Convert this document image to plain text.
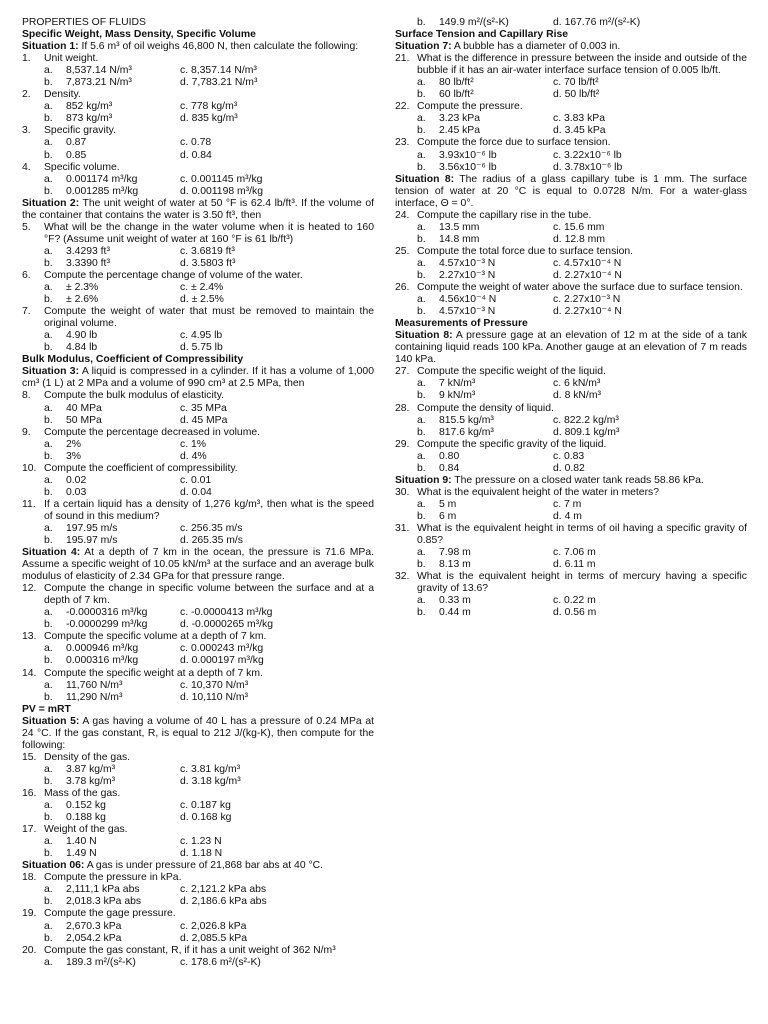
PROPERTIES OF FLUIDS
Specific Weight, Mass Density, Specific Volume
Situation 1: If 5.6 m³ of oil weighs 46,800 N, then calculate the following:
1.	Unit weight.
a.	8,537.14 N/m³	c. 8,357.14 N/m³
b.	7,873.21 N/m³	d. 7,783.21 N/m³
2.	Density.
a.	852 kg/m³	c. 778 kg/m³
b.	873 kg/m³	d. 835 kg/m³
3.	Specific gravity.
a.	0.87	c. 0.78
b.	0.85	d. 0.84
4.	Specific volume.
a.	0.001174 m³/kg	c. 0.001145 m³/kg
b.	0.001285 m³/kg	d. 0.001198 m³/kg
Situation 2: The unit weight of water at 50 °F is 62.4 lb/ft³. If the volume of the container that contains the water is 3.50 ft³, then
5.	What will be the change in the water volume when it is heated to 160 °F? (Assume unit weight of water at 160 °F is 61 lb/ft³)
a.	3.4293 ft³	c. 3.6819 ft³
b.	3.3390 ft³	d. 3.5803 ft³
6.	Compute the percentage change of volume of the water.
a.	± 2.3%	c. ± 2.4%
b.	± 2.6%	d. ± 2.5%
7.	Compute the weight of water that must be removed to maintain the original volume.
a.	4.90 lb	c. 4.95 lb
b.	4.84 lb	d. 5.75 lb
Bulk Modulus, Coefficient of Compressibility
Situation 3: A liquid is compressed in a cylinder. If it has a volume of 1,000 cm³ (1 L) at 2 MPa and a volume of 990 cm³ at 2.5 MPa, then
8.	Compute the bulk modulus of elasticity.
a.	40 MPa	c. 35 MPa
b.	50 MPa	d. 45 MPa
9.	Compute the percentage decreased in volume.
a.	2%	c. 1%
b.	3%	d. 4%
10. Compute the coefficient of compressibility.
a.	0.02	c. 0.01
b.	0.03	d. 0.04
11. If a certain liquid has a density of 1,276 kg/m³, then what is the speed of sound in this medium?
a.	197.95 m/s	c. 256.35 m/s
b.	195.97 m/s	d. 265.35 m/s
Situation 4: At a depth of 7 km in the ocean, the pressure is 71.6 MPa. Assume a specific weight of 10.05 kN/m³ at the surface and an average bulk modulus of elasticity of 2.34 GPa for that pressure range.
12. Compute the change in specific volume between the surface and at a depth of 7 km.
a.	-0.0000316 m³/kg	c. -0.0000413 m³/kg
b.	-0.0000299 m³/kg	d. -0.0000265 m³/kg
13. Compute the specific volume at a depth of 7 km.
a.	0.000946 m³/kg	c. 0.000243 m³/kg
b.	0.000316 m³/kg	d. 0.000197 m³/kg
14. Compute the specific weight at a depth of 7 km.
a.	11,760 N/m³	c. 10,370 N/m³
b.	11,290 N/m³	d. 10,110 N/m³
PV = mRT
Situation 5: A gas having a volume of 40 L has a pressure of 0.24 MPa at 24 °C. If the gas constant, R, is equal to 212 J/(kg-K), then compute for the following:
15. Density of the gas.
a.	3.87 kg/m³	c. 3.81 kg/m³
b.	3.78 kg/m³	d. 3.18 kg/m³
16. Mass of the gas.
a.	0.152 kg	c. 0.187 kg
b.	0.188 kg	d. 0.168 kg
17. Weight of the gas.
a.	1.40 N	c. 1.23 N
b.	1.49 N	d. 1.18 N
Situation 06: A gas is under pressure of 21,868 bar abs at 40 °C.
18. Compute the pressure in kPa.
a.	2,111,1 kPa abs	c. 2,121.2 kPa abs
b.	2,018.3 kPa abs	d. 2,186.6 kPa abs
19. Compute the gage pressure.
a.	2,670.3 kPa	c. 2,026.8 kPa
b.	2,054.2 kPa	d. 2,085.5 kPa
20. Compute the gas constant, R, if it has a unit weight of 362 N/m³
a.	189.3 m²/(s²-K)	c. 178.6 m²/(s²-K)
b.	149.9 m²/(s²-K)	d. 167.76 m²/(s²-K)
Surface Tension and Capillary Rise
Situation 7: A bubble has a diameter of 0.003 in.
21. What is the difference in pressure between the inside and outside of the bubble if it has an air-water interface surface tension of 0.005 lb/ft.
a.	80 lb/ft²	c. 70 lb/ft²
b.	60 lb/ft²	d. 50 lb/ft²
22. Compute the pressure.
a.	3.23 kPa	c. 3.83 kPa
b.	2.45 kPa	d. 3.45 kPa
23. Compute the force due to surface tension.
a.	3.93x10⁻⁶ lb	c. 3.22x10⁻⁶ lb
b.	3.56x10⁻⁶ lb	d. 3.78x10⁻⁶ lb
Situation 8: The radius of a glass capillary tube is 1 mm. The surface tension of water at 20 °C is equal to 0.0728 N/m. For a water-glass interface, Θ = 0°.
24. Compute the capillary rise in the tube.
a.	13.5 mm	c. 15.6 mm
b.	14.8 mm	d. 12.8 mm
25. Compute the total force due to surface tension.
a.	4.57x10⁻³ N	c. 4.57x10⁻⁴ N
b.	2.27x10⁻³ N	d. 2.27x10⁻⁴ N
26. Compute the weight of water above the surface due to surface tension.
a.	4.56x10⁻⁴ N	c. 2.27x10⁻³ N
b.	4.57x10⁻³ N	d. 2.27x10⁻⁴ N
Measurements of Pressure
Situation 8: A pressure gage at an elevation of 12 m at the side of a tank containing liquid reads 100 kPa. Another gauge at an elevation of 7 m reads 140 kPa.
27. Compute the specific weight of the liquid.
a.	7 kN/m³	c. 6 kN/m³
b.	9 kN/m³	d. 8 kN/m³
28. Compute the density of liquid.
a.	815.5 kg/m³	c. 822.2 kg/m³
b.	817.6 kg/m³	d. 809.1 kg/m³
29. Compute the specific gravity of the liquid.
a.	0.80	c. 0.83
b.	0.84	d. 0.82
Situation 9: The pressure on a closed water tank reads 58.86 kPa.
30. What is the equivalent height of the water in meters?
a.	5 m	c. 7 m
b.	6 m	d. 4 m
31. What is the equivalent height in terms of oil having a specific gravity of 0.85?
a.	7.98 m	c. 7.06 m
b.	8.13 m	d. 6.11 m
32. What is the equivalent height in terms of mercury having a specific gravity of 13.6?
a.	0.33 m	c. 0.22 m
b.	0.44 m	d. 0.56 m
